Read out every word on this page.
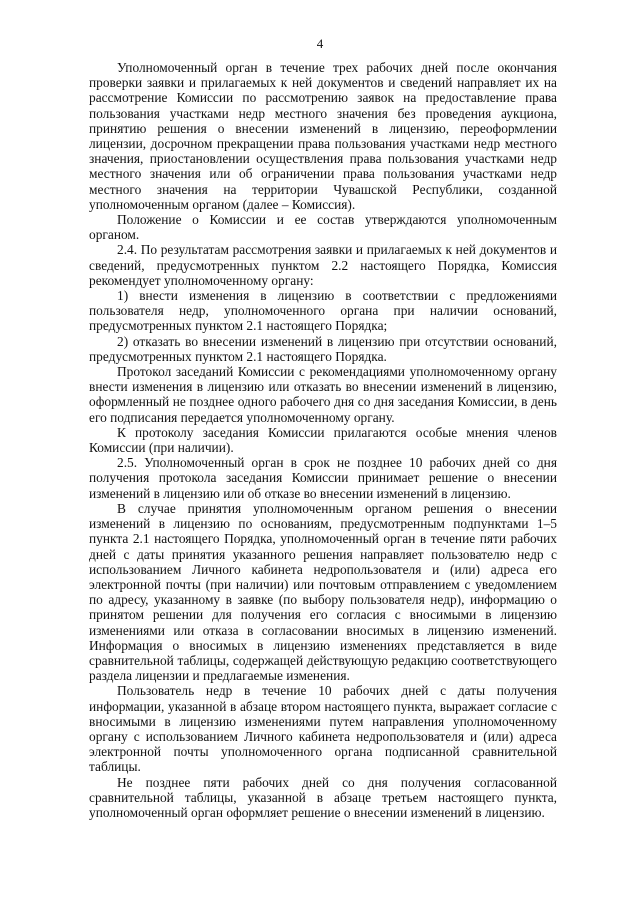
4

Уполномоченный орган в течение трех рабочих дней после окончания проверки заявки и прилагаемых к ней документов и сведений направляет их на рассмотрение Комиссии по рассмотрению заявок на предоставление права пользования участками недр местного значения без проведения аукциона, принятию решения о внесении изменений в лицензию, переоформлении лицензии, досрочном прекращении права пользования участками недр местного значения, приостановлении осуществления права пользования участками недр местного значения или об ограничении права пользования участками недр местного значения на территории Чувашской Республики, созданной уполномоченным органом (далее – Комиссия).

Положение о Комиссии и ее состав утверждаются уполномоченным органом.

2.4. По результатам рассмотрения заявки и прилагаемых к ней документов и сведений, предусмотренных пунктом 2.2 настоящего Порядка, Комиссия рекомендует уполномоченному органу:

1) внести изменения в лицензию в соответствии с предложениями пользователя недр, уполномоченного органа при наличии оснований, предусмотренных пунктом 2.1 настоящего Порядка;

2) отказать во внесении изменений в лицензию при отсутствии оснований, предусмотренных пунктом 2.1 настоящего Порядка.

Протокол заседаний Комиссии с рекомендациями уполномоченному органу внести изменения в лицензию или отказать во внесении изменений в лицензию, оформленный не позднее одного рабочего дня со дня заседания Комиссии, в день его подписания передается уполномоченному органу.

К протоколу заседания Комиссии прилагаются особые мнения членов Комиссии (при наличии).

2.5. Уполномоченный орган в срок не позднее 10 рабочих дней со дня получения протокола заседания Комиссии принимает решение о внесении изменений в лицензию или об отказе во внесении изменений в лицензию.

В случае принятия уполномоченным органом решения о внесении изменений в лицензию по основаниям, предусмотренным подпунктами 1–5 пункта 2.1 настоящего Порядка, уполномоченный орган в течение пяти рабочих дней с даты принятия указанного решения направляет пользователю недр с использованием Личного кабинета недропользователя и (или) адреса его электронной почты (при наличии) или почтовым отправлением с уведомлением по адресу, указанному в заявке (по выбору пользователя недр), информацию о принятом решении для получения его согласия с вносимыми в лицензию изменениями или отказа в согласовании вносимых в лицензию изменений. Информация о вносимых в лицензию изменениях представляется в виде сравнительной таблицы, содержащей действующую редакцию соответствующего раздела лицензии и предлагаемые изменения.

Пользователь недр в течение 10 рабочих дней с даты получения информации, указанной в абзаце втором настоящего пункта, выражает согласие с вносимыми в лицензию изменениями путем направления уполномоченному органу с использованием Личного кабинета недропользователя и (или) адреса электронной почты уполномоченного органа подписанной сравнительной таблицы.

Не позднее пяти рабочих дней со дня получения согласованной сравнительной таблицы, указанной в абзаце третьем настоящего пункта, уполномоченный орган оформляет решение о внесении изменений в лицензию.
